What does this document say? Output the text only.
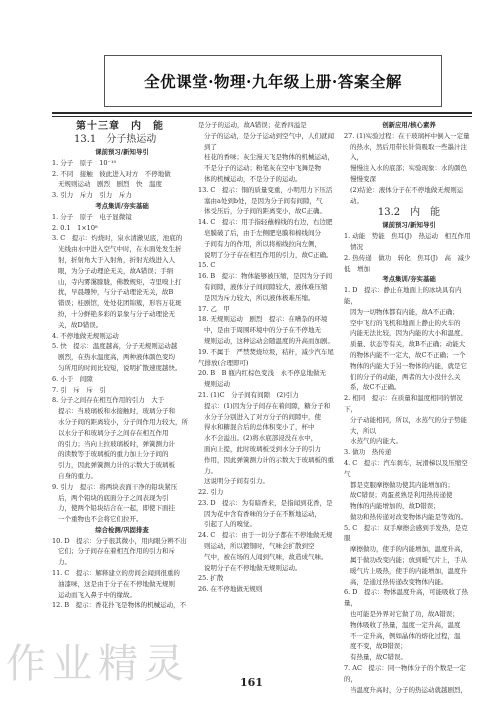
全优课堂·物理·九年级上册·答案全解
第十三章　内　能
13.1　分子热运动
课前预习/新知导引
1. 分子　原子　10⁻¹⁰
2. 不同　接触　彼此进入对方　不停地做
无规则运动　剧烈　剧烈　快　温度
3. 引力　斥力　引力　斥力
考点集训/夯实基础
1. 分子　原子　电子显微镜
2. 0.1　1×10⁸
3. C　提示：灼烧时，泉水清澈见底，池底的
光线由水中进入空气中时，在水面处发生折
射，折射角大于入射角，折射光线进入人
眼，为分子动理论无关，故A错误；手绢
山，寺内雾霭朦胧，佛教规矩，寺里嗅上打
扰，早晨趣钟，与分子动理论无关，故B
错误；桂剧馆，处处花团锦簇，形容万花斑
纷，十分鲜艳多彩的景象与分子动理论无
关，故D错误。
4. 不停地做无规则运动
5. 快　提示：温度越高，分子无规则运动越
剧烈，在热水温度高，两种液体颜色变均
匀所用的时间比较短，说明扩散速度越快。
6. 小于　间隙
7. 引　斥　斥　引
8. 分子之间存在相互作用的引力　大于
提示：当玻璃板和水接触时，玻璃分子和
水分子间的距离较小，分子间作用力较大，所
以水分子和玻璃分子之间存在相互作用
的引力；当向上拉玻璃板时，弹簧测力计
的读数等于玻璃板的重力加上分子间的
引力，因此弹簧测力计的示数大于玻璃板
自身的重力。
9. 引力　提示：将两块表面干净的铅块紧压
后，两个铅块的底面分子之间表现为引
力，使两个铅块结合在一起，即使下面挂
一个重物也不会将它们拉开。
综合检测/巩固排查
10. D　提示：分子很其微小，用肉眼分辨不出
它们；分子间存在着相互作用的引力和斥
力。
11. C　提示：解释建立的房间会闻到很重的
油漆味，这是由于分子在不停地做无规则
运动而飞入鼻子中的缘故。
12. B　提示：香花扑飞是物体的机械运动，不
是分子的运动，故A错误；花香四溢是
分子的运动，是分子运动到空气中，人们就闻到了
桂花的香味；灰尘漫天飞是物体的机械运动，
不是分子的运动；粉笔灰在空中飞舞是物
体的机械运动，不是分子的运动。
13. C　提示：铜的质量变重，小明用力下压活
塞由a处到b处，是因为分子间有间隙，气
体受压后，分子间的距离变小，故C正确。
14. C　提示：用手指轻蘸棉线的右边，右边肥
皂膜破了后，由于左侧肥皂膜和棉线间分
子间有力的作用，所以将棉线拉向左侧，
说明了分子存在相互作用的引力，故C正确。
15. C
16. B　提示：物体能够被压缩，是因为分子间
有间隙，液体分子间间隙较大，液体难压缩
是因为斥力较大，所以液体极难压缩。
17. 乙　甲
18. 无规则运动　剧烈　提示：在嘈杂的环境
中，是由于周围环境中的分子在不停地无
规则运动，这种运动会随温度的升高而加剧。
19. 不属于　严禁焚烧垃圾，秸秆，减少汽车尾气排放(合理即可)
20. B　B 瓶内红棕色变浅　永不停息地做无
规则运动
21. (1)C　分子间有间隙　(2)引力
提示：(1)因为分子间存在着间隙，糖分子和
水分子分别进入了对方分子的间隙中，使
得水和糖混合后的总体积变小了，杯中
水不会溢出。(2)将水底部浸没在水中，
面向上提，此时玻璃板受到水分子的引力
作用，因此弹簧测力计的示数大于玻璃板的重力。
这说明分子间有引力。
22. 引力
23. D　提示：为有暗香来，是指闻到花香，是
因为花中含有香味的分子在不断地运动，
引起了人的嗅觉。
24. C　提示：由于一切分子都在不停地做无规
则运动，所以镀铜时，气味会扩散到空
气中，被在场的人闻到气味，故造成气味。
说明分子在不停地做无规则运动。
25. 扩散
26. 在不停地做无规则
创新应用/核心素养
27. (1)实验过程：在干玻璃杯中倒入一定量
的热水，然后用带长针筒吸取一些墨汁注入，
慢慢注入水的底部；实验现象：水的颜色
慢慢变深
(2)结论：液体分子在不停地做无规则运动。
13.2　内　能
课前预习/新知导引
1. 动能　势能　焦耳(J)　热运动　相互作用
情况
2. 热传递　做功　转化　焦耳(J)　高　减少　低　增加
考点集训/夯实基础
1. D　提示：静止在地面上的冰块具有内能，
因为一切物体都有内能，故A不正确；
空中飞行的飞机和地面上静止的火车的
内能无法比较，因为内能的大小和温度、
质量、状态等有关，故B不正确；动能大
的物体内能不一定大，故C不正确；一个
物体的内能大于另一物体的内能，就是它
们的分子的动能，两者的大小没什么关
系，故C不正确。
2. 相同　提示：在质量和温度相同的情况下，
分子动能相同，所以，水蒸气的分子势能大，所以
水蒸气的内能大。
3. 做功　热传递
4. C　提示：汽车刹车，玩滑梯以及压缩空气
都是克服摩擦做功使其内能增加的；
故C错误；鸡蛋煮熟是利用热传递使
物体的内能增加的，故D错误；
做功和热传递对改变物体内能是等效的。
5. C　提示：双手摩擦会感到手发热，是克服
摩擦做功，使手的内能增加，温度升高，
属于做功改变内能；放到暖气片上，手从
暖气片上吸热，使手的内能增加，温度升
高，是通过热传递改变物体内能。
6. D　提示：物体温度升高，可能吸收了热量，
也可能是外界对它做了功，故A错误；
物体吸收了热量，温度一定升高，温度
不一定升高，例如晶体的熔化过程，温
度不变，故B错误；
有热量，故C错误。
7. AC　提示：同一物体分子的个数是一定的，
当温度升高时，分子的热运动就越剧烈，
作业精灵	161
